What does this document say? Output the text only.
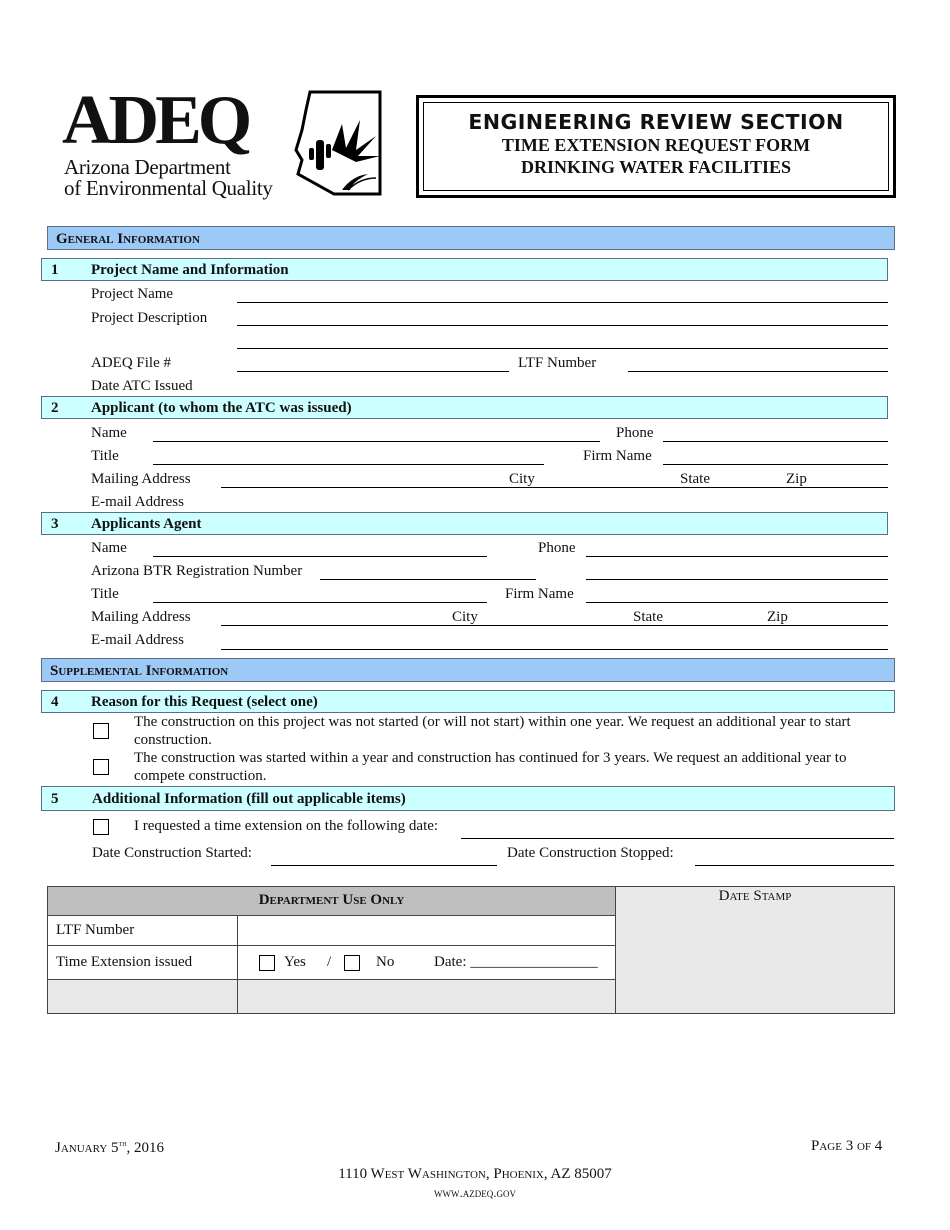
ADEQ
Arizona Department
of Environmental Quality
ENGINEERING REVIEW SECTION
TIME EXTENSION REQUEST FORM
DRINKING WATER FACILITIES
General Information
1 Project Name and Information
Project Name
Project Description
ADEQ File #	LTF Number
Date ATC Issued
2 Applicant (to whom the ATC was issued)
Name	Phone
Title	Firm Name
Mailing Address	City	State	Zip
E-mail Address
3 Applicants Agent
Name	Phone
Arizona BTR Registration Number
Title	Firm Name
Mailing Address	City	State	Zip
E-mail Address
Supplemental Information
4 Reason for this Request (select one)
The construction on this project was not started (or will not start) within one year. We request an additional year to start
construction.
The construction was started within a year and construction has continued for 3 years. We request an additional year to
compete construction.
5 Additional Information (fill out applicable items)
I requested a time extension on the following date:
Date Construction Started:	Date Construction Stopped:
Department Use Only
LTF Number
Time Extension issued	Yes /	No	Date: _________________
Date Stamp
January 5th, 2016	Page 3 of 4
1110 West Washington, Phoenix, AZ 85007
www.azdeq.gov
